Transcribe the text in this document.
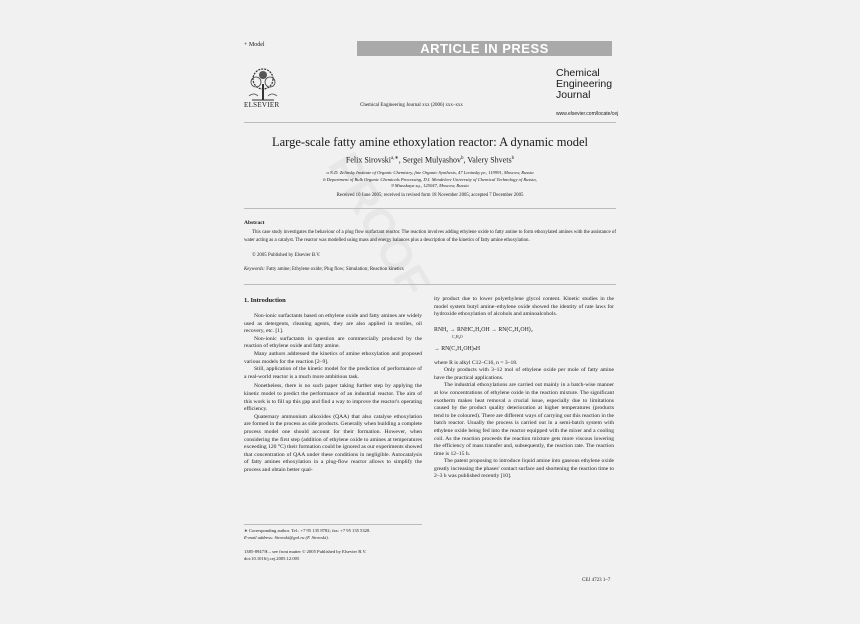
+ Model	ARTICLE IN PRESS
ELSEVIER	Chemical Engineering Journal xxx (2006) xxx–xxx
Chemical
Engineering
Journal
www.elsevier.com/locate/cej
Large-scale fatty amine ethoxylation reactor: A dynamic model
Felix Sirovski$^{a,∗}$, Sergei Mulyashov$^b$, Valery Shvets$^b$
a N.D. Zelinsky Institute of Organic Chemistry, fine Organic Synthesis, 47 Leninsky pr., 119991, Moscow, Russia
b Department of Bulk Organic Chemicals Processing, D.I. Mendeleev University of Chemical Technology of Russia,
9 Miusskaya sq., 125047, Moscow, Russia
Received 10 June 2005; received in revised form 18 November 2005; accepted 7 December 2005
Abstract
This case study investigates the behaviour of a plug flow surfactant reactor. The reaction involves adding ethylene oxide to fatty amine to form ethoxylated amines with the assistance of water acting as a catalyst. The reactor was modelled using mass and energy balances plus a description of the kinetics of fatty amine ethoxylation.
© 2005 Published by Elsevier B.V.
Keywords: Fatty amine; Ethylene oxide; Plug flow; Simulation; Reaction kinetics
1. Introduction

Non-ionic surfactants based on ethylene oxide and fatty amines are widely used as detergents, cleaning agents, they are also applied in textiles, oil recovery, etc. [1].

Non-ionic surfactants in question are commercially produced by the reaction of ethylene oxide and fatty amine.

Many authors addressed the kinetics of amine ethoxylation and proposed various models for the reaction [2–9].

Still, application of the kinetic model for the prediction of performance of a real-world reactor is a much more ambitious task.

Nonetheless, there is no such paper taking further step by applying the kinetic model to predict the performance of an industrial reactor. The aim of this work is to fill up this gap and find a way to improve the reactor's operating efficiency.

Quaternary ammonium alkoxides (QAA) that also catalyse ethoxylation are formed in the process as side products. Generally when building a complete process model one should account for their formation. However, when considering the first step (addition of ethylene oxide to amines at temperatures exceeding 120 °C) their formation could be ignored as our experiments showed that concentration of QAA under these conditions in negligible. Autocatalysis of fatty amines ethoxylation in a plug-flow reactor allows to simplify the process and obtain better qual-

ity product due to lower polyethylene glycol content. Kinetic studies in the model system butyl amine–ethylene oxide showed the identity of rate laws for hydroxide ethoxylation of alcohols and aminoalcohols.

RNH₂ → RNHC₂H₄OH → RN(C₂H₄OH)₂
C₂H₄O
→ RN(C₂H₄OH)ₙH

where R is alkyl C12–C16, n = 3–18.

Only products with 3–12 mol of ethylene oxide per mole of fatty amine have the practical applications.

The industrial ethoxylations are carried out mainly in a batch-wise manner at low concentrations of ethylene oxide in the reaction mixture. The significant exotherm makes heat removal a crucial issue, especially due to limitations caused by the product quality deterioration at higher temperatures (products tend to be coloured). There are different ways of carrying out this reaction in the batch reactor. Usually the process is carried out in a semi-batch system with ethylene oxide being fed into the reactor equipped with the mixer and a cooling coil. As the reaction proceeds the reaction mixture gets more viscous lowering the efficiency of mass transfer and, subsequently, the reaction rate. The reaction time is 12–15 h.

The patent proposing to introduce liquid amine into gaseous ethylene oxide greatly increasing the phases' contact surface and shortening the reaction time to 2–3 h was published recently [10].

∗ Corresponding author. Tel.: +7 95 135 8782; fax: +7 95 135 5328.
E-mail address: Sirovski@gol.ru (F. Sirovski).
1385-8947/$ – see front matter © 2005 Published by Elsevier B.V.
doi:10.1016/j.cej.2005.12.005
CEJ 4723 1–7
